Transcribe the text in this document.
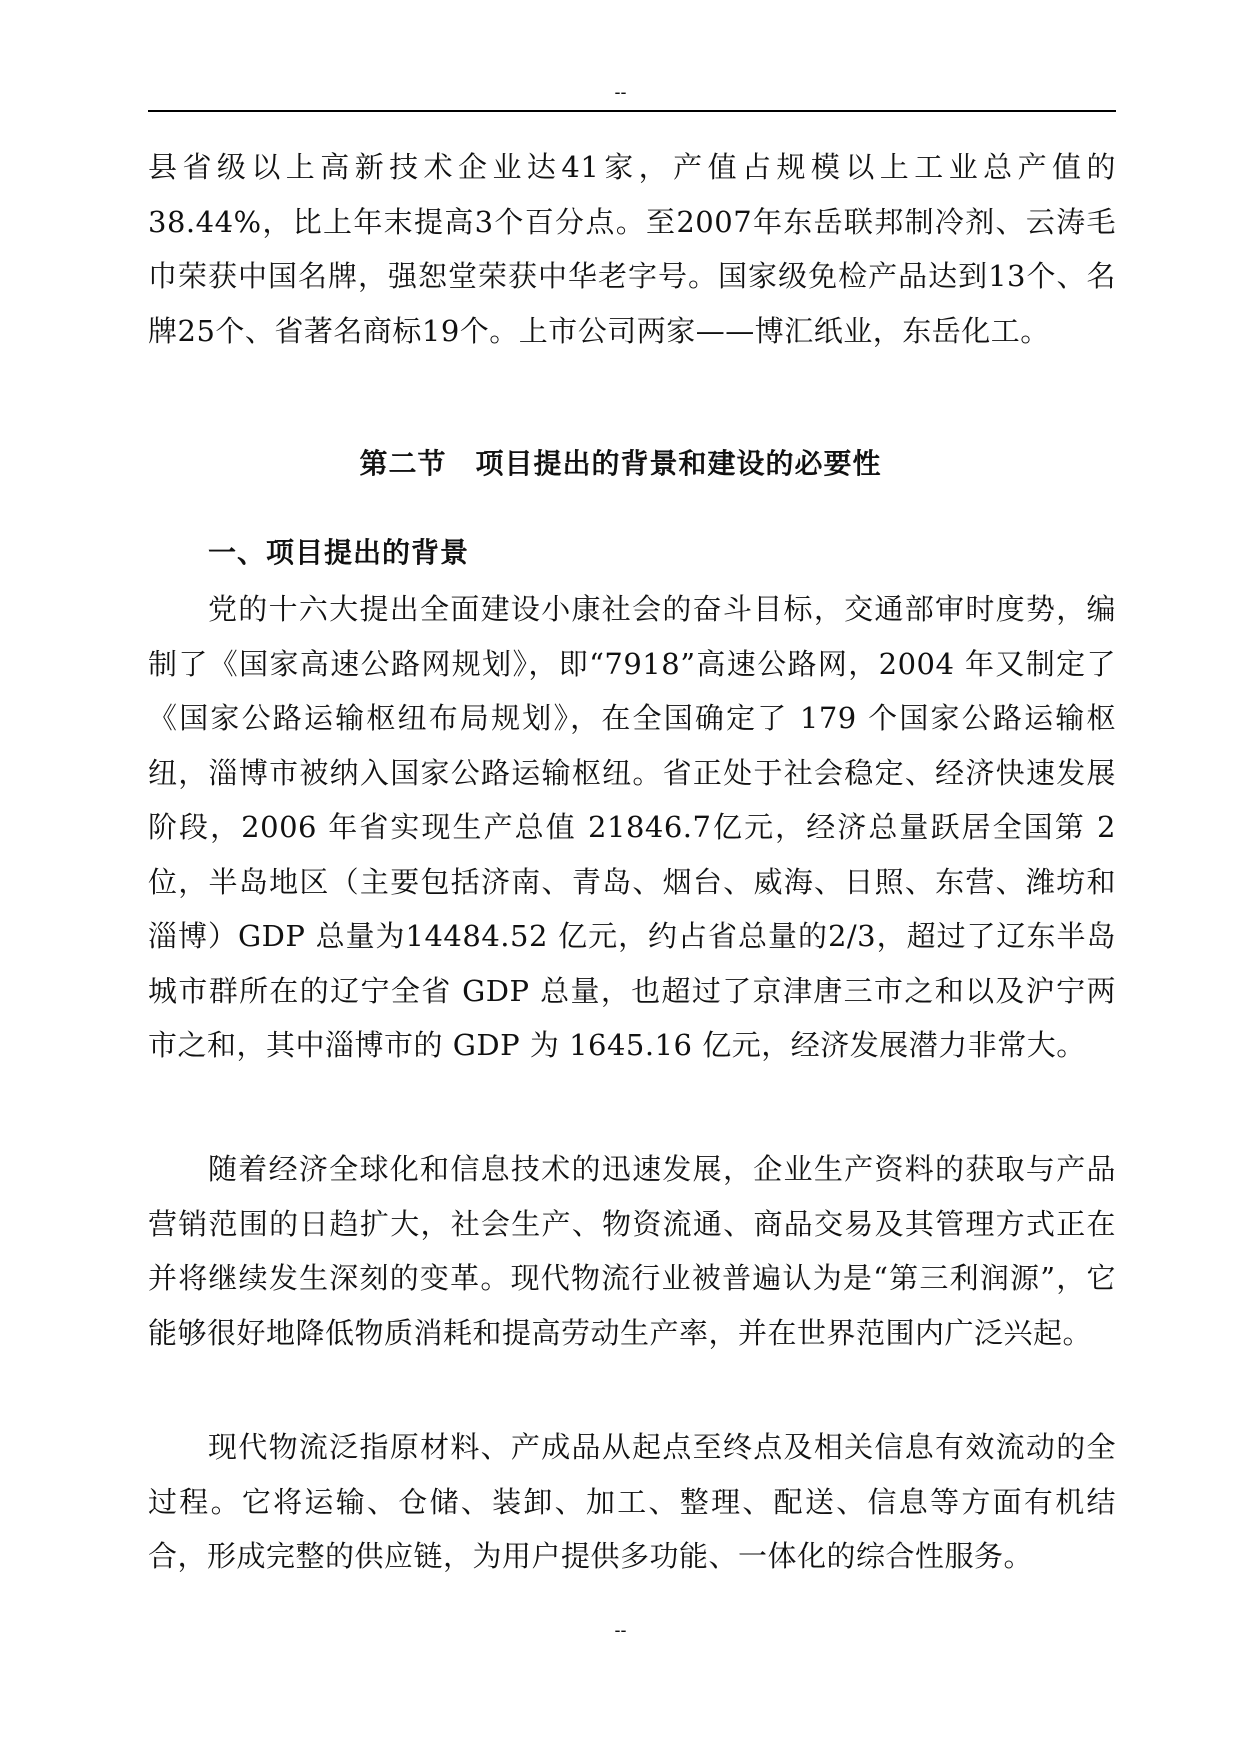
--

县省级以上高新技术企业达41家，产值占规模以上工业总产值的38.44%，比上年末提高3个百分点。至2007年东岳联邦制冷剂、云涛毛巾荣获中国名牌，强恕堂荣获中华老字号。国家级免检产品达到13个、名牌25个、省著名商标19个。上市公司两家——博汇纸业，东岳化工。

第二节　项目提出的背景和建设的必要性
一、项目提出的背景

党的十六大提出全面建设小康社会的奋斗目标，交通部审时度势，编制了《国家高速公路网规划》，即“7918”高速公路网，2004 年又制定了《国家公路运输枢纽布局规划》，在全国确定了 179 个国家公路运输枢纽，淄博市被纳入国家公路运输枢纽。省正处于社会稳定、经济快速发展阶段，2006 年省实现生产总值 21846.7亿元，经济总量跃居全国第 2 位，半岛地区（主要包括济南、青岛、烟台、威海、日照、东营、潍坊和淄博）GDP 总量为14484.52 亿元，约占省总量的2/3，超过了辽东半岛城市群所在的辽宁全省 GDP 总量，也超过了京津唐三市之和以及沪宁两市之和，其中淄博市的 GDP 为 1645.16 亿元，经济发展潜力非常大。

随着经济全球化和信息技术的迅速发展，企业生产资料的获取与产品营销范围的日趋扩大，社会生产、物资流通、商品交易及其管理方式正在并将继续发生深刻的变革。现代物流行业被普遍认为是“第三利润源”，它能够很好地降低物质消耗和提高劳动生产率，并在世界范围内广泛兴起。

现代物流泛指原材料、产成品从起点至终点及相关信息有效流动的全过程。它将运输、仓储、装卸、加工、整理、配送、信息等方面有机结合，形成完整的供应链，为用户提供多功能、一体化的综合性服务。

--
